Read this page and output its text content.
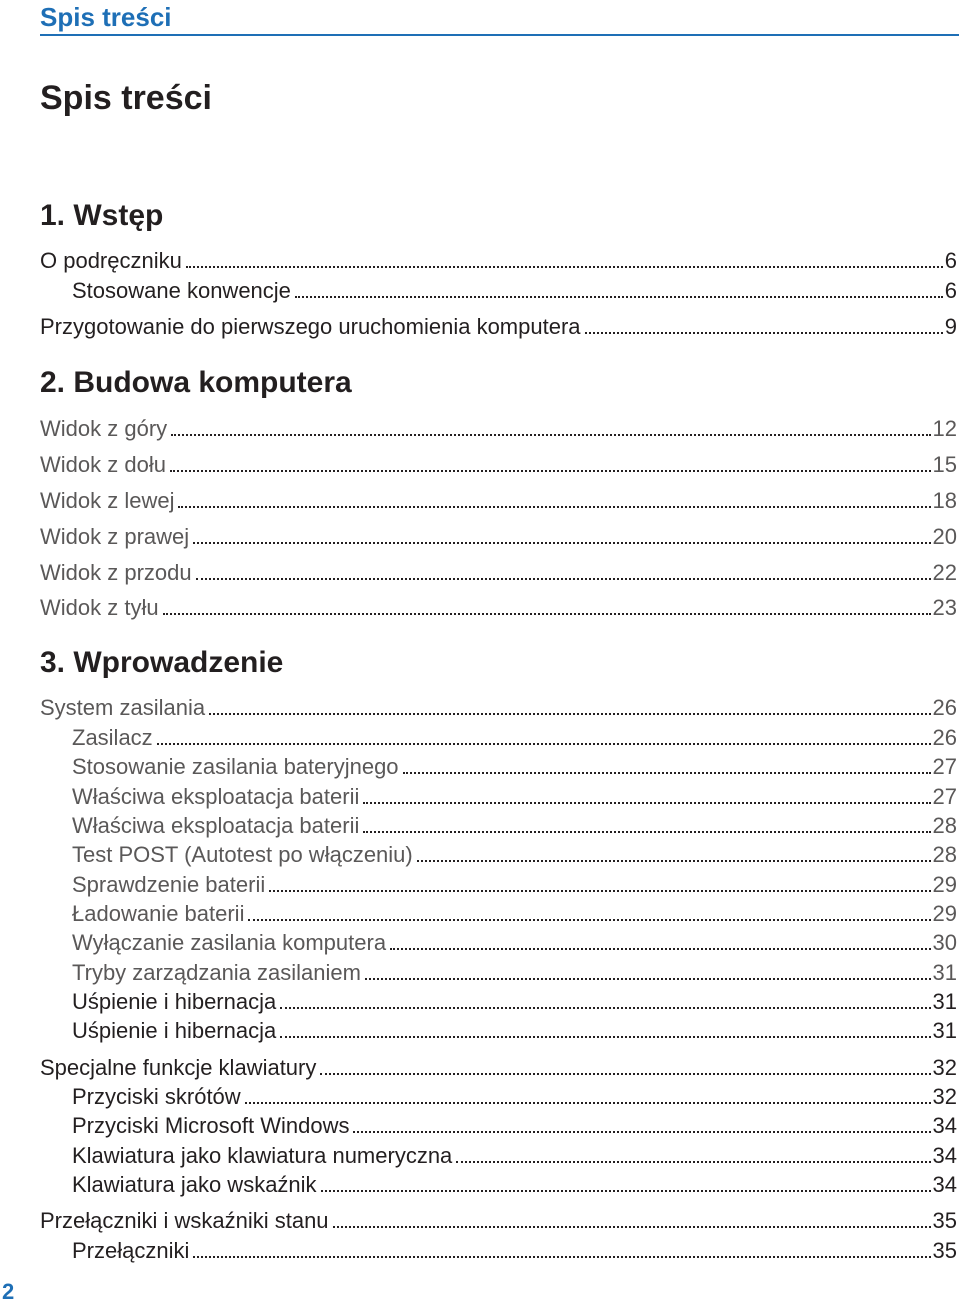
Spis treści
Spis treści
1. Wstęp
O podręczniku	6
Stosowane konwencje	6
Przygotowanie do pierwszego uruchomienia komputera	9
2. Budowa komputera
Widok z góry	12
Widok z dołu	15
Widok z lewej	18
Widok z prawej	20
Widok z przodu	22
Widok z tyłu	23
3. Wprowadzenie
System zasilania	26
Zasilacz	26
Stosowanie zasilania bateryjnego	27
Właściwa eksploatacja baterii	27
Właściwa eksploatacja baterii	28
Test POST (Autotest po włączeniu)	28
Sprawdzenie baterii	29
Ładowanie baterii	29
Wyłączanie zasilania komputera	30
Tryby zarządzania zasilaniem	31
Uśpienie i hibernacja	31
Uśpienie i hibernacja	31
Specjalne funkcje klawiatury	32
Przyciski skrótów	32
Przyciski Microsoft Windows	34
Klawiatura jako klawiatura numeryczna	34
Klawiatura jako wskaźnik	34
Przełączniki i wskaźniki stanu	35
Przełączniki	35
2
